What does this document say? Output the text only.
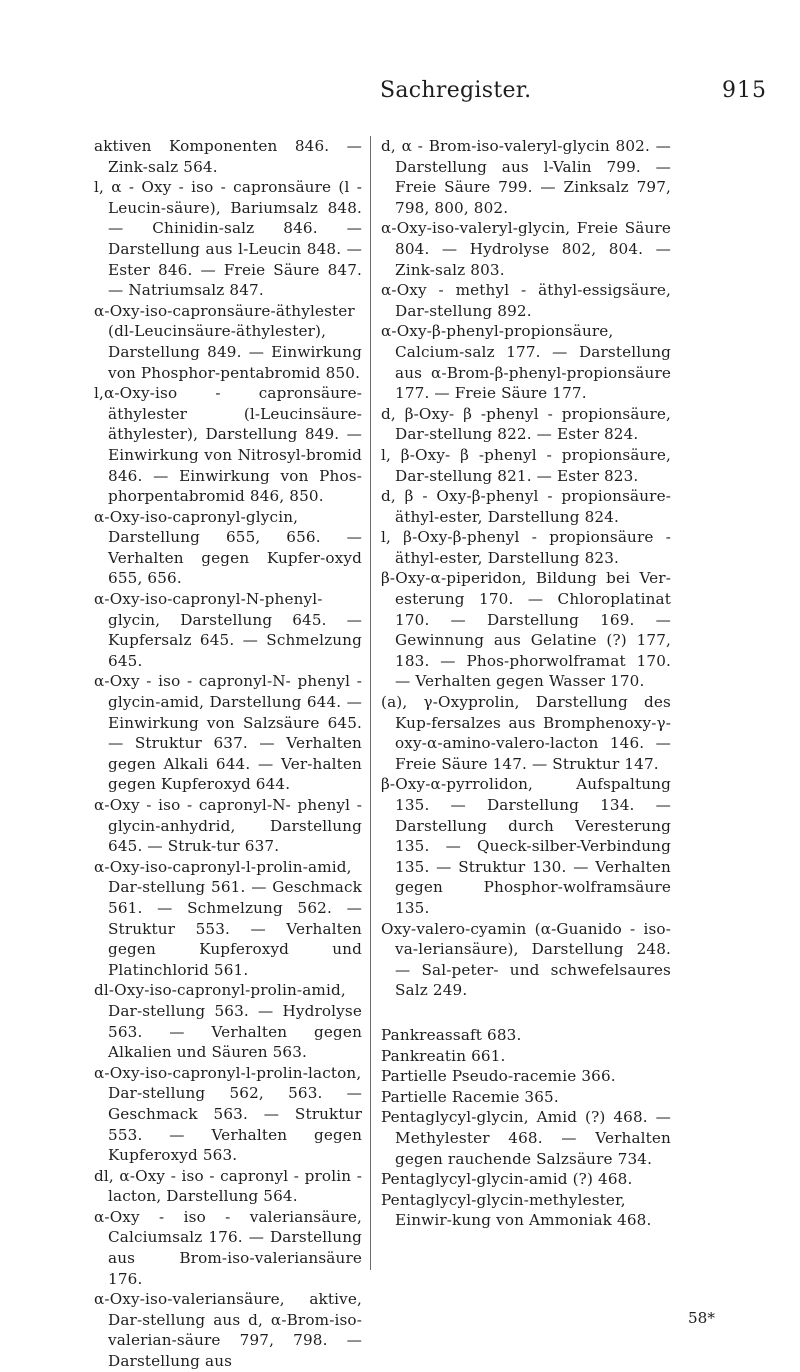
Sachregister.	915

aktiven Komponenten 846. — Zink-salz 564.

l, α - Oxy - iso - capronsäure (l - Leucin-säure), Bariumsalz 848. — Chinidin-salz 846. — Darstellung aus l-Leucin 848. — Ester 846. — Freie Säure 847. — Natriumsalz 847.

α-Oxy-iso-capronsäure-äthylester (dl-Leucinsäure-äthylester), Darstellung 849. — Einwirkung von Phosphor-pentabromid 850.

l,α-Oxy-iso - capronsäure-äthylester (l-Leucinsäure-äthylester), Darstellung 849. — Einwirkung von Nitrosyl-bromid 846. — Einwirkung von Phos-phorpentabromid 846, 850.

α-Oxy-iso-capronyl-glycin, Darstellung 655, 656. — Verhalten gegen Kupfer-oxyd 655, 656.

α-Oxy-iso-capronyl-N-phenyl-glycin, Darstellung 645. — Kupfersalz 645. — Schmelzung 645.

α-Oxy - iso - capronyl-N- phenyl - glycin-amid, Darstellung 644. — Einwirkung von Salzsäure 645. — Struktur 637. — Verhalten gegen Alkali 644. — Ver-halten gegen Kupferoxyd 644.

α-Oxy - iso - capronyl-N- phenyl - glycin-anhydrid, Darstellung 645. — Struk-tur 637.

α-Oxy-iso-capronyl-l-prolin-amid, Dar-stellung 561. — Geschmack 561. — Schmelzung 562. — Struktur 553. — Verhalten gegen Kupferoxyd und Platinchlorid 561.

dl-Oxy-iso-capronyl-prolin-amid, Dar-stellung 563. — Hydrolyse 563. — Verhalten gegen Alkalien und Säuren 563.

α-Oxy-iso-capronyl-l-prolin-lacton, Dar-stellung 562, 563. — Geschmack 563. — Struktur 553. — Verhalten gegen Kupferoxyd 563.

dl, α-Oxy - iso - capronyl - prolin - lacton, Darstellung 564.

α-Oxy - iso - valeriansäure, Calciumsalz 176. — Darstellung aus Brom-iso-valeriansäure 176.

α-Oxy-iso-valeriansäure, aktive, Dar-stellung aus d, α-Brom-iso-valerian-säure 797, 798. — Darstellung aus

d, α - Brom-iso-valeryl-glycin 802. — Darstellung aus l-Valin 799. — Freie Säure 799. — Zinksalz 797, 798, 800, 802.

α-Oxy-iso-valeryl-glycin, Freie Säure 804. — Hydrolyse 802, 804. — Zink-salz 803.

α-Oxy - methyl - äthyl-essigsäure, Dar-stellung 892.

α-Oxy-β-phenyl-propionsäure, Calcium-salz 177. — Darstellung aus α-Brom-β-phenyl-propionsäure 177. — Freie Säure 177.

d, β-Oxy- β -phenyl - propionsäure, Dar-stellung 822. — Ester 824.

l, β-Oxy- β -phenyl - propionsäure, Dar-stellung 821. — Ester 823.

d, β - Oxy-β-phenyl - propionsäure-äthyl-ester, Darstellung 824.

l, β-Oxy-β-phenyl - propionsäure - äthyl-ester, Darstellung 823.

β-Oxy-α-piperidon, Bildung bei Ver-esterung 170. — Chloroplatinat 170. — Darstellung 169. — Gewinnung aus Gelatine (?) 177, 183. — Phos-phorwolframat 170. — Verhalten gegen Wasser 170.

(a), γ-Oxyprolin, Darstellung des Kup-fersalzes aus Bromphenoxy-γ-oxy-α-amino-valero-lacton 146. — Freie Säure 147. — Struktur 147.

β-Oxy-α-pyrrolidon, Aufspaltung 135. — Darstellung 134. — Darstellung durch Veresterung 135. — Queck-silber-Verbindung 135. — Struktur 130. — Verhalten gegen Phosphor-wolframsäure 135.

Oxy-valero-cyamin (α-Guanido - iso-va-leriansäure), Darstellung 248. — Sal-peter- und schwefelsaures Salz 249.

Pankreassaft 683.

Pankreatin 661.

Partielle Pseudo-racemie 366.

Partielle Racemie 365.

Pentaglycyl-glycin, Amid (?) 468. — Methylester 468. — Verhalten gegen rauchende Salzsäure 734.

Pentaglycyl-glycin-amid (?) 468.

Pentaglycyl-glycin-methylester, Einwir-kung von Ammoniak 468.

58*
